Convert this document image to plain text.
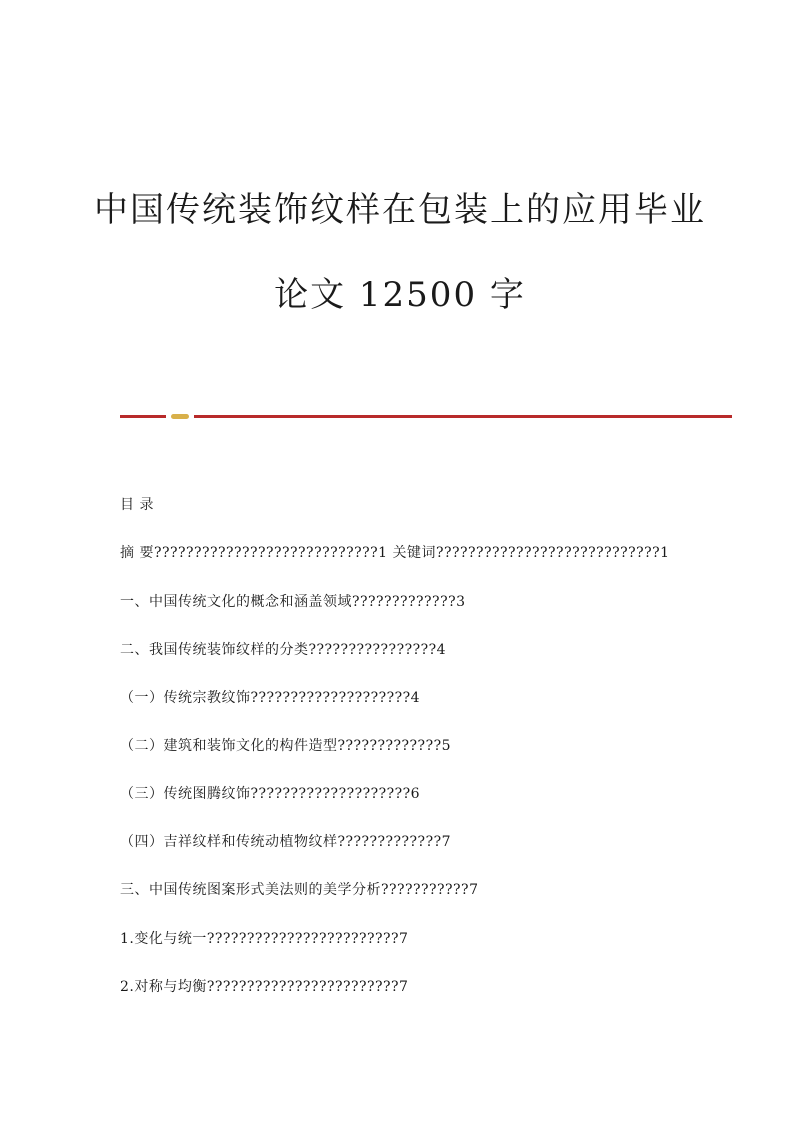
中国传统装饰纹样在包装上的应用毕业
论文 12500 字
目 录
摘 要????????????????????????????1 关键词????????????????????????????1
一、中国传统文化的概念和涵盖领域?????????????3
二、我国传统装饰纹样的分类????????????????4
（一）传统宗教纹饰????????????????????4
（二）建筑和装饰文化的构件造型?????????????5
（三）传统图腾纹饰????????????????????6
（四）吉祥纹样和传统动植物纹样?????????????7
三、中国传统图案形式美法则的美学分析???????????7
1.变化与统一????????????????????????7
2.对称与均衡????????????????????????7
